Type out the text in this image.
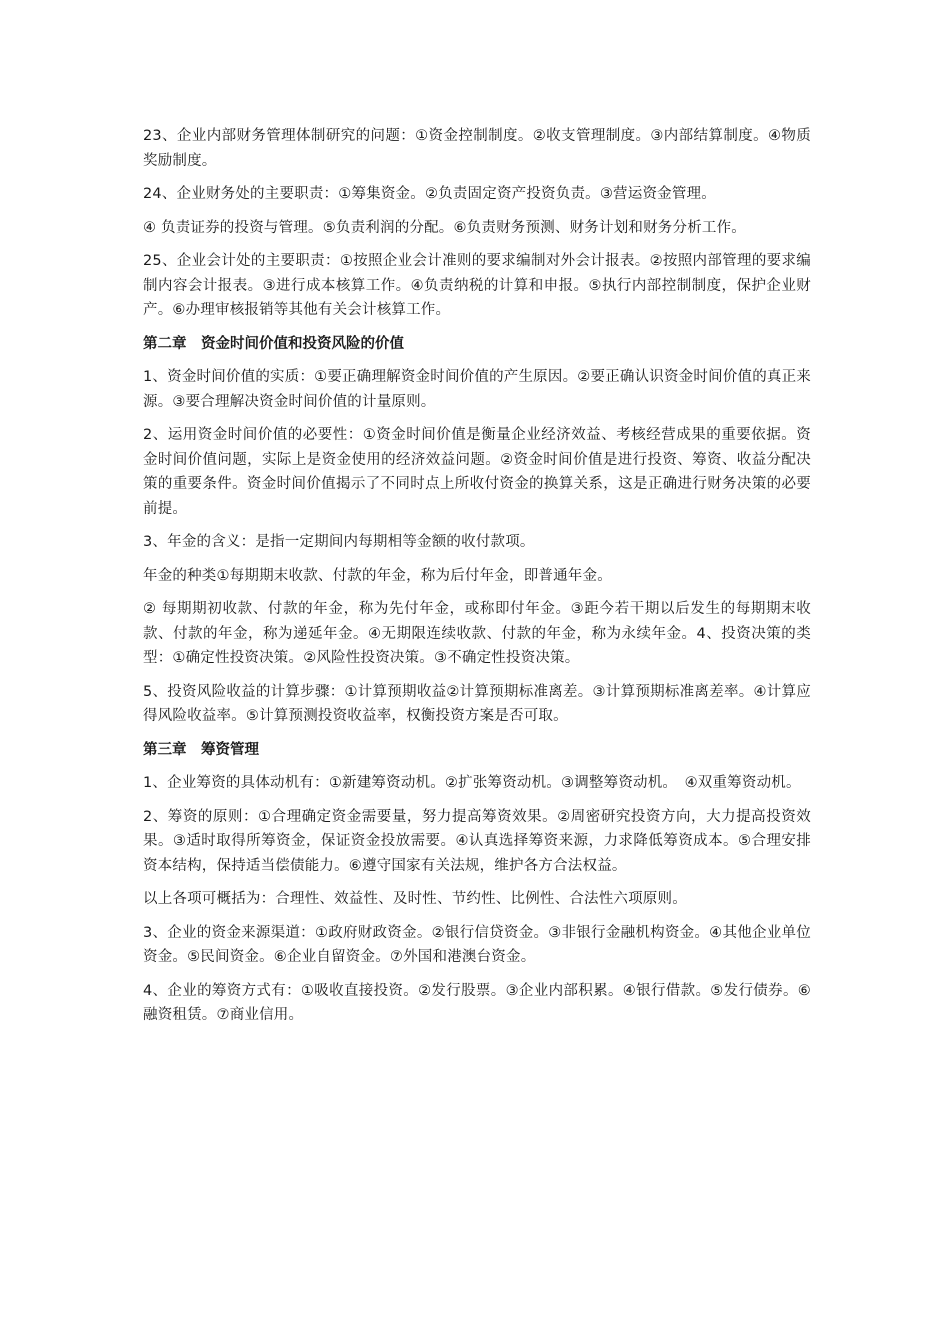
23、企业内部财务管理体制研究的问题：①资金控制制度。②收支管理制度。③内部结算制度。④物质奖励制度。

24、企业财务处的主要职责：①筹集资金。②负责固定资产投资负责。③营运资金管理。

④ 负责证券的投资与管理。⑤负责利润的分配。⑥负责财务预测、财务计划和财务分析工作。

25、企业会计处的主要职责：①按照企业会计准则的要求编制对外会计报表。②按照内部管理的要求编制内容会计报表。③进行成本核算工作。④负责纳税的计算和申报。⑤执行内部控制制度，保护企业财产。⑥办理审核报销等其他有关会计核算工作。

第二章　资金时间价值和投资风险的价值

1、资金时间价值的实质：①要正确理解资金时间价值的产生原因。②要正确认识资金时间价值的真正来源。③要合理解决资金时间价值的计量原则。

2、运用资金时间价值的必要性：①资金时间价值是衡量企业经济效益、考核经营成果的重要依据。资金时间价值问题，实际上是资金使用的经济效益问题。②资金时间价值是进行投资、筹资、收益分配决策的重要条件。资金时间价值揭示了不同时点上所收付资金的换算关系，这是正确进行财务决策的必要前提。

3、年金的含义：是指一定期间内每期相等金额的收付款项。

年金的种类①每期期末收款、付款的年金，称为后付年金，即普通年金。

② 每期期初收款、付款的年金，称为先付年金，或称即付年金。③距今若干期以后发生的每期期末收款、付款的年金，称为递延年金。④无期限连续收款、付款的年金，称为永续年金。4、投资决策的类型：①确定性投资决策。②风险性投资决策。③不确定性投资决策。

5、投资风险收益的计算步骤：①计算预期收益②计算预期标准离差。③计算预期标准离差率。④计算应得风险收益率。⑤计算预测投资收益率，权衡投资方案是否可取。

第三章　筹资管理

1、企业筹资的具体动机有：①新建筹资动机。②扩张筹资动机。③调整筹资动机。　④双重筹资动机。

2、筹资的原则：①合理确定资金需要量，努力提高筹资效果。②周密研究投资方向，大力提高投资效果。③适时取得所筹资金，保证资金投放需要。④认真选择筹资来源，力求降低筹资成本。⑤合理安排资本结构，保持适当偿债能力。⑥遵守国家有关法规，维护各方合法权益。

以上各项可概括为：合理性、效益性、及时性、节约性、比例性、合法性六项原则。

3、企业的资金来源渠道：①政府财政资金。②银行信贷资金。③非银行金融机构资金。④其他企业单位资金。⑤民间资金。⑥企业自留资金。⑦外国和港澳台资金。

4、企业的筹资方式有：①吸收直接投资。②发行股票。③企业内部积累。④银行借款。⑤发行债券。⑥融资租赁。⑦商业信用。
